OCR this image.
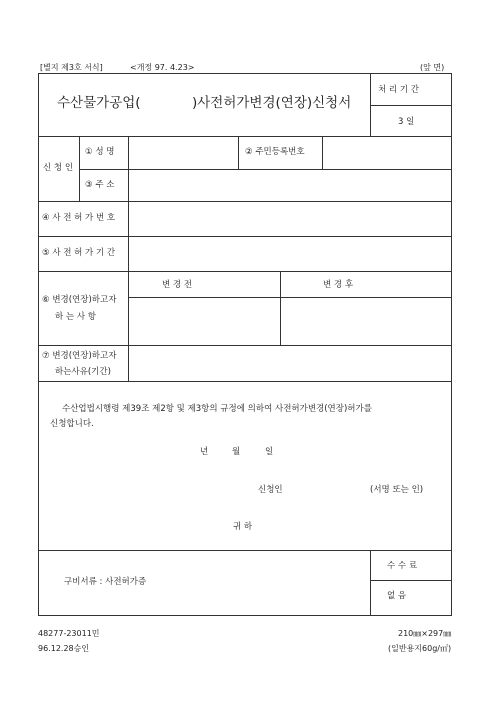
[별지 제3호 서식]	<개정 97. 4.23>	(앞 면)
수산물가공업(	)사전허가변경(연장)신청서
처 리 기 간
3 일
신 청 인
① 성 명	② 주민등록번호
③ 주 소
④ 사 전 허 가 번 호
⑤ 사 전 허 가 기 간
⑥ 변경(연장)하고자
하 는 사 항
변 경 전	변 경 후
⑦ 변경(연장)하고자
하는사유(기간)
수산업법시행령 제39조 제2항 및 제3항의 규정에 의하여 사전허가변경(연장)허가를
신청합니다.
년	월	일
신청인	(서명 또는 인)
귀 하
구비서류 : 사전허가증
수 수 료
없 음
48277-23011민
96.12.28승인
210㎜×297㎜
(일반용지60g/㎡)
